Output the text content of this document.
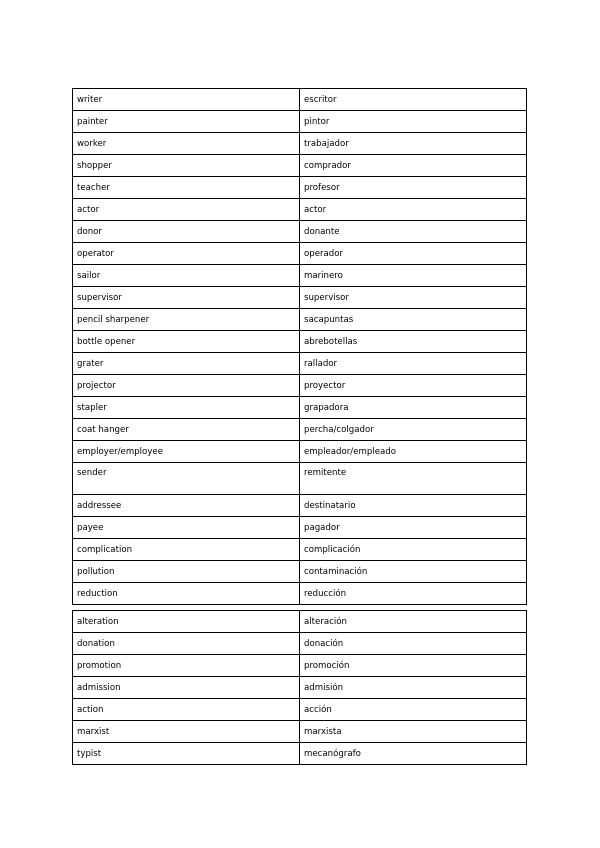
writer	escritor
painter	pintor
worker	trabajador
shopper	comprador
teacher	profesor
actor	actor
donor	donante
operator	operador
sailor	marinero
supervisor	supervisor
pencil sharpener	sacapuntas
bottle opener	abrebotellas
grater	rallador
projector	proyector
stapler	grapadora
coat hanger	percha/colgador
employer/employee	empleador/empleado
sender	remitente
addressee	destinatario
payee	pagador
complication	complicación
pollution	contaminación
reduction	reducción
alteration	alteración
donation	donación
promotion	promoción
admission	admisión
action	acción
marxist	marxista
typist	mecanógrafo
